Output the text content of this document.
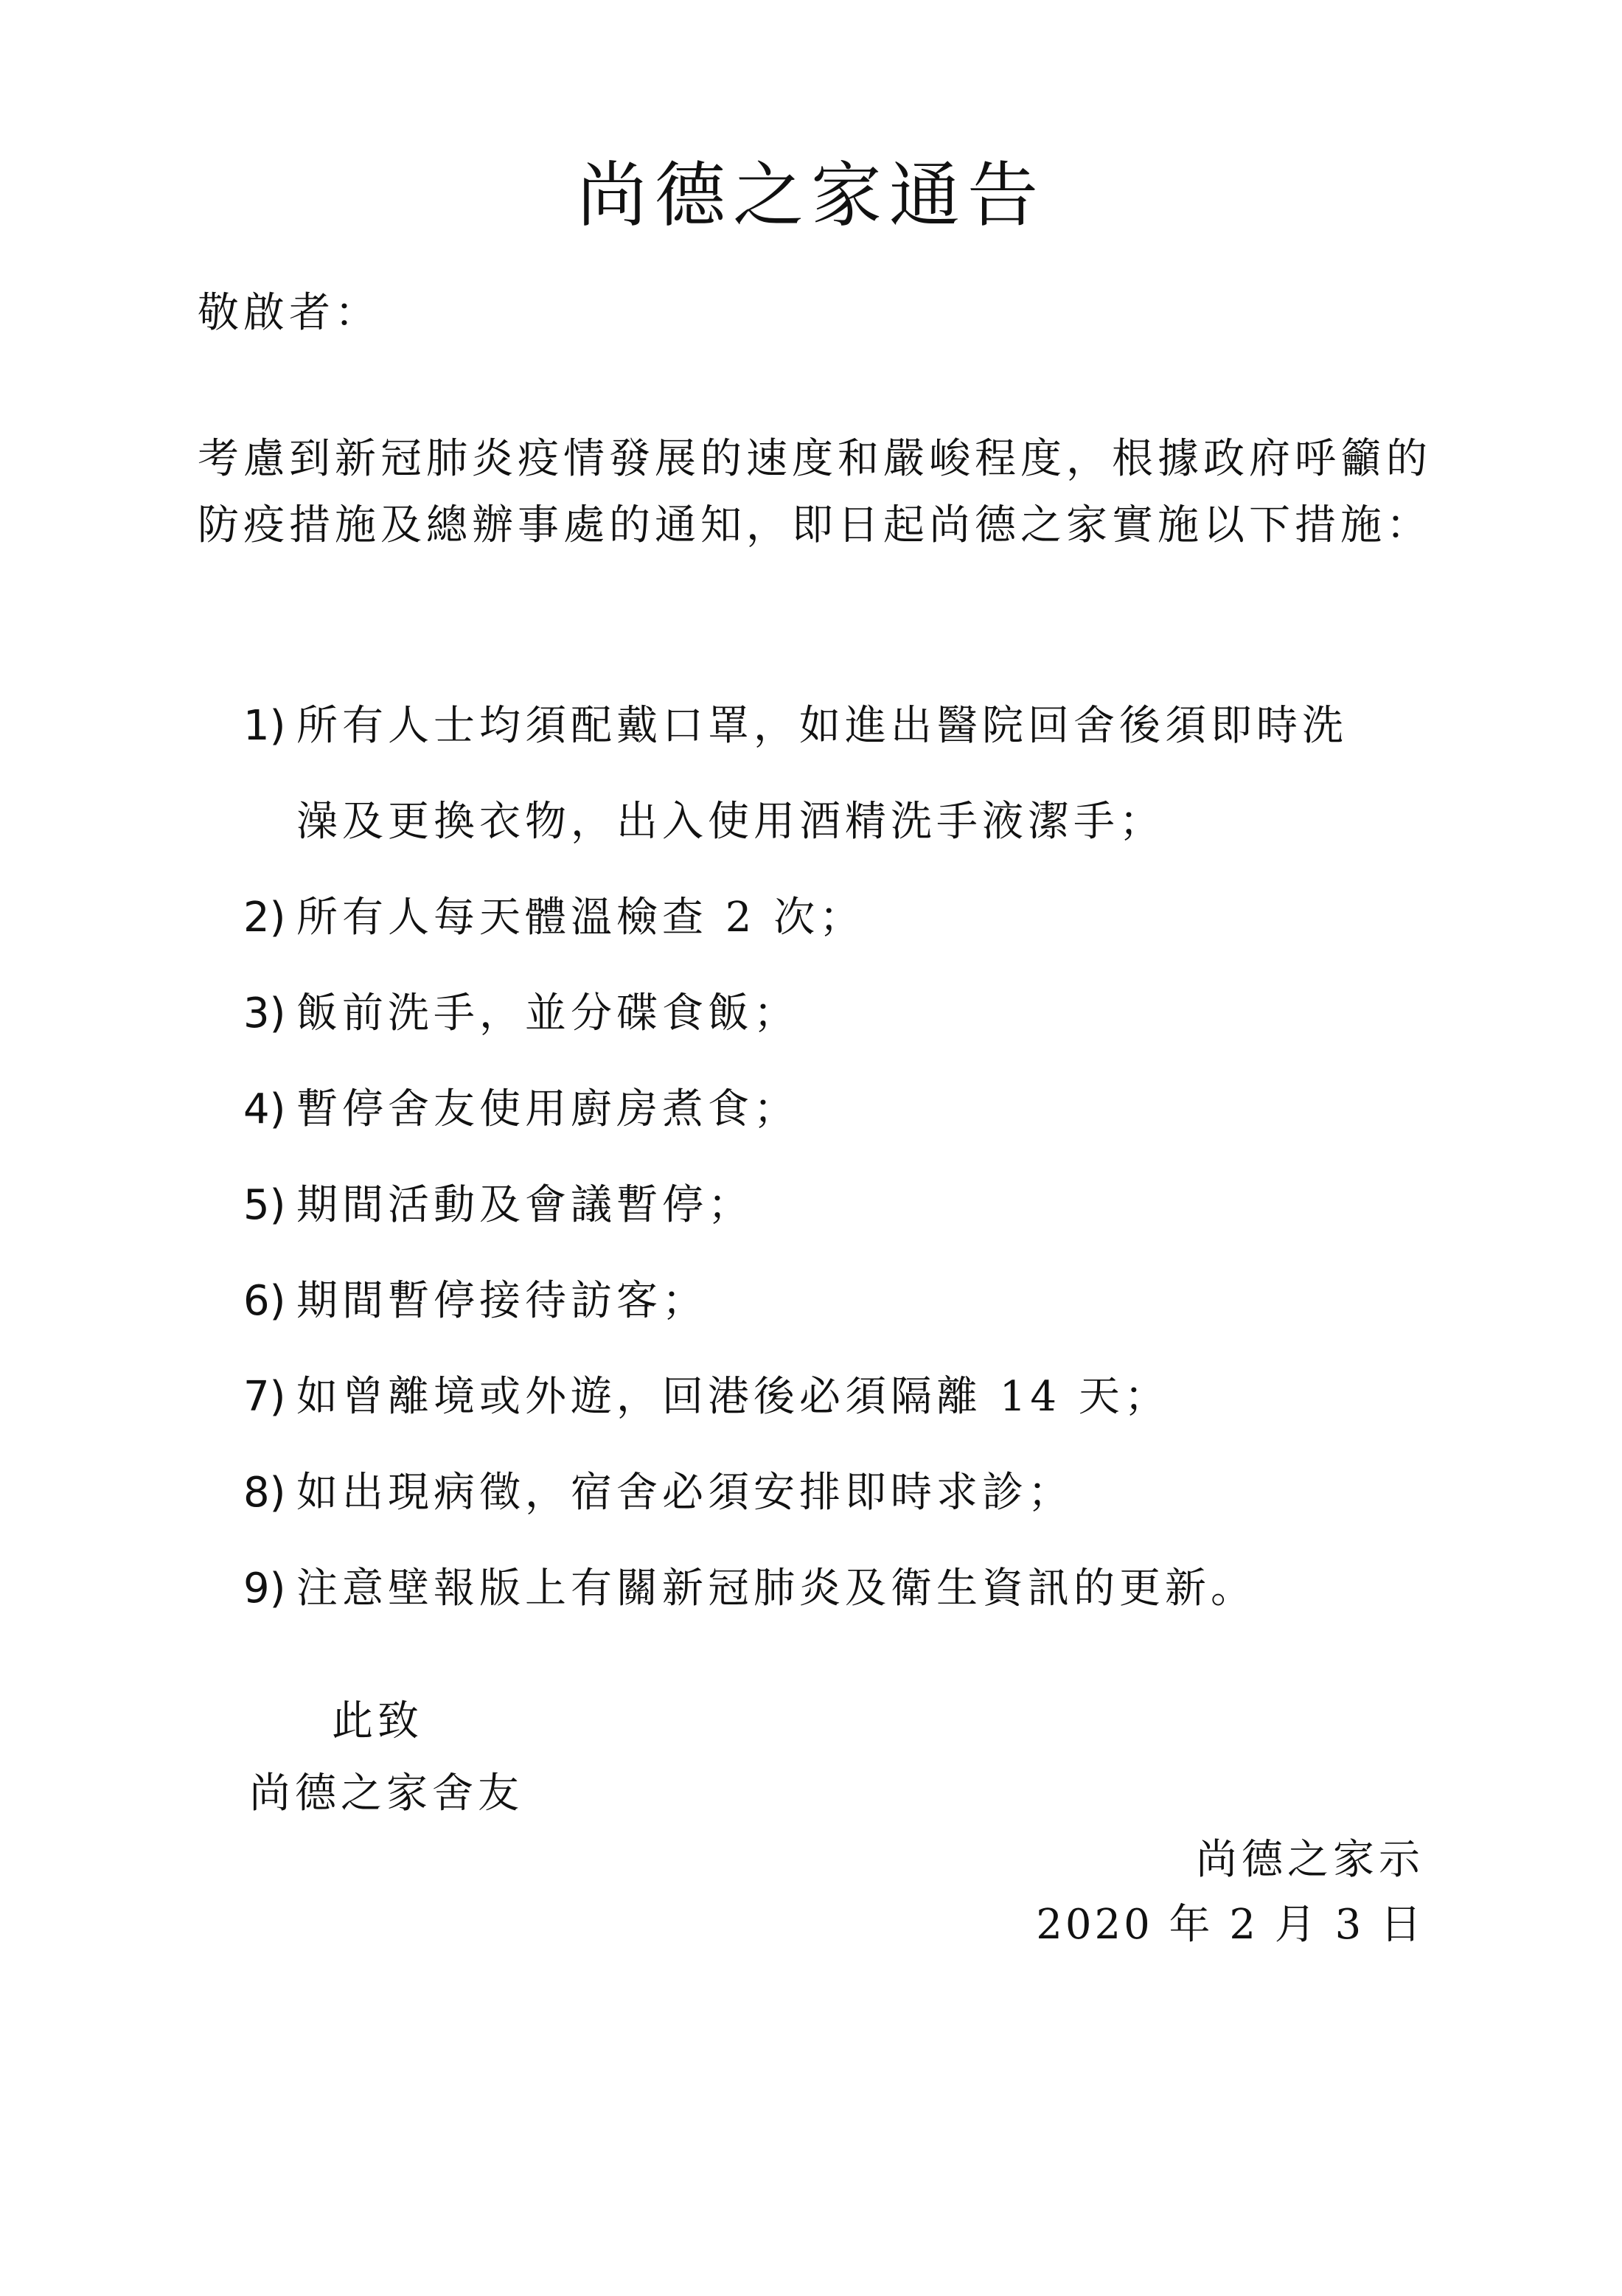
尚德之家通告
敬啟者：
考慮到新冠肺炎疫情發展的速度和嚴峻程度，根據政府呼籲的防疫措施及總辦事處的通知，即日起尚德之家實施以下措施：
1) 所有人士均須配戴口罩，如進出醫院回舍後須即時洗
澡及更換衣物，出入使用酒精洗手液潔手；
2) 所有人每天體溫檢查 2 次；
3) 飯前洗手，並分碟食飯；
4) 暫停舍友使用廚房煮食；
5) 期間活動及會議暫停；
6) 期間暫停接待訪客；
7) 如曾離境或外遊，回港後必須隔離 14 天；
8) 如出現病徵，宿舍必須安排即時求診；
9) 注意壁報版上有關新冠肺炎及衛生資訊的更新。
此致
尚德之家舍友
尚德之家示
2020 年 2 月 3 日
